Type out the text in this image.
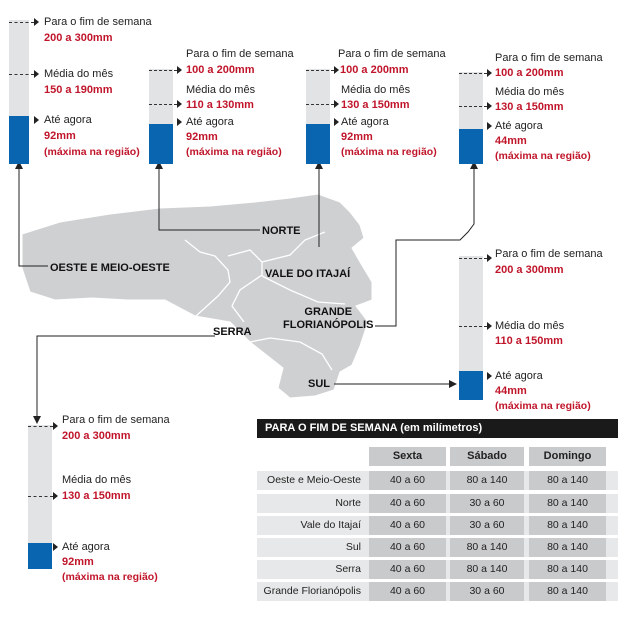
OESTE E MEIO-OESTE
NORTE
VALE DO ITAJAÍ
GRANDE
FLORIANÓPOLIS
SERRA
SUL
Para o fim de semana
200 a 300mm
Média do mês
150 a 190mm
Até agora
92mm
(máxima na região)
Para o fim de semana
100 a 200mm
Média do mês
110 a 130mm
Até agora
92mm
(máxima na região)
Para o fim de semana
100 a 200mm
Média do mês
130 a 150mm
Até agora
92mm
(máxima na região)
Para o fim de semana
100 a 200mm
Média do mês
130 a 150mm
Até agora
44mm
(máxima na região)
Para o fim de semana
200 a 300mm
Média do mês
110 a 150mm
Até agora
44mm
(máxima na região)
Para o fim de semana
200 a 300mm
Média do mês
130 a 150mm
Até agora
92mm
(máxima na região)
PARA O FIM DE SEMANA (em milímetros)
Sexta	Sábado	Domingo
Oeste e Meio-Oeste	40 a 60	80 a 140	80 a 140
Norte	40 a 60	30 a 60	80 a 140
Vale do Itajaí	40 a 60	30 a 60	80 a 140
Sul	40 a 60	80 a 140	80 a 140
Serra	40 a 60	80 a 140	80 a 140
Grande Florianópolis	40 a 60	30 a 60	80 a 140
